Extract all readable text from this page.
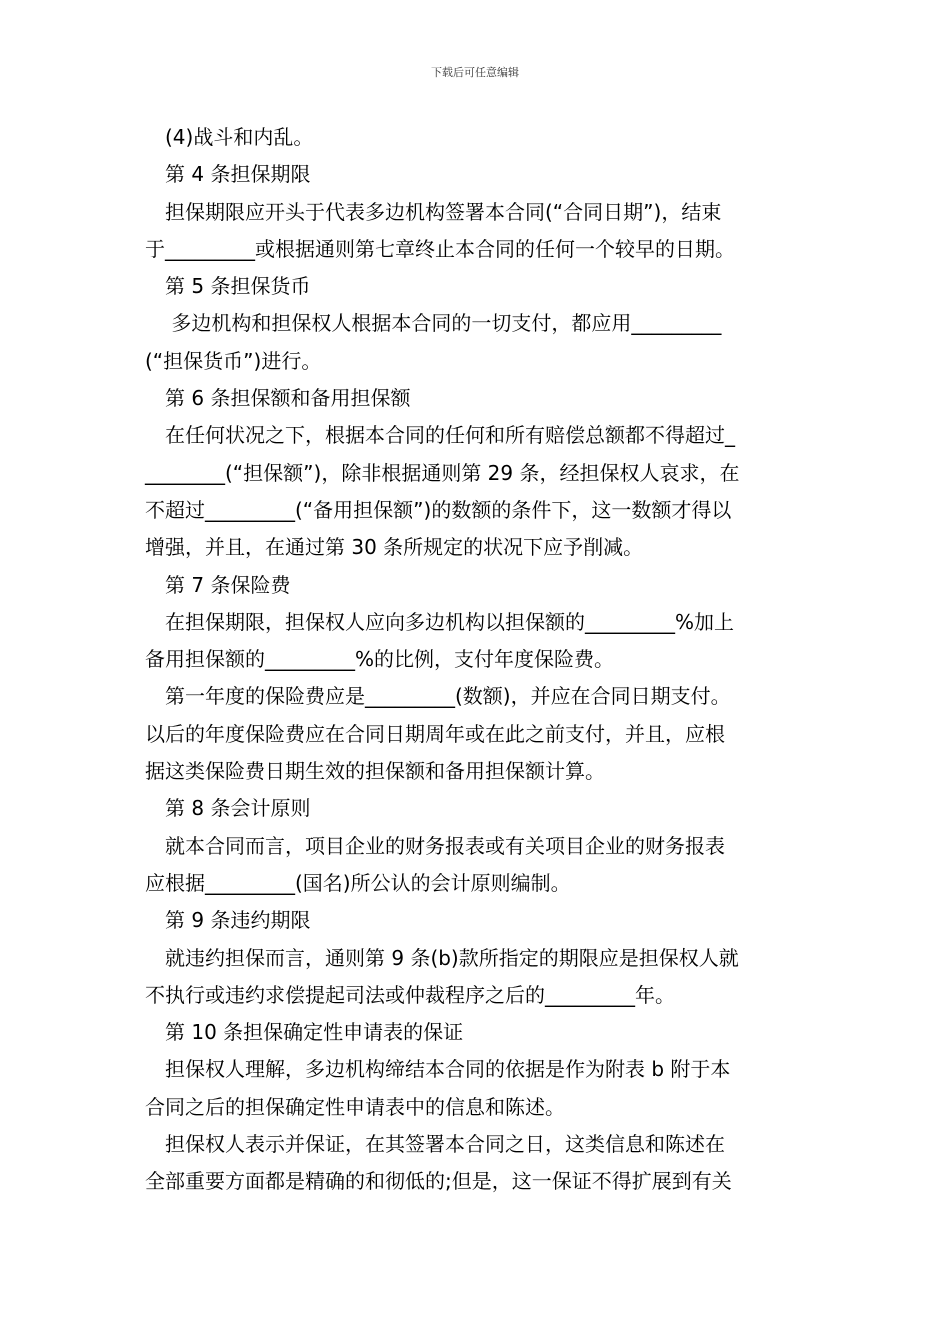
下载后可任意编辑

(4)战斗和内乱。

第 4 条担保期限

担保期限应开头于代表多边机构签署本合同(“合同日期”)，结束

于_________或根据通则第七章终止本合同的任何一个较早的日期。

第 5 条担保货币

多边机构和担保权人根据本合同的一切支付，都应用_________

(“担保货币”)进行。

第 6 条担保额和备用担保额

在任何状况之下，根据本合同的任何和所有赔偿总额都不得超过_

________(“担保额”)，除非根据通则第 29 条，经担保权人哀求，在

不超过_________(“备用担保额”)的数额的条件下，这一数额才得以

增强，并且，在通过第 30 条所规定的状况下应予削减。

第 7 条保险费

在担保期限，担保权人应向多边机构以担保额的_________%加上

备用担保额的_________%的比例，支付年度保险费。

第一年度的保险费应是_________(数额)，并应在合同日期支付。

以后的年度保险费应在合同日期周年或在此之前支付，并且，应根

据这类保险费日期生效的担保额和备用担保额计算。

第 8 条会计原则

就本合同而言，项目企业的财务报表或有关项目企业的财务报表

应根据_________(国名)所公认的会计原则编制。

第 9 条违约期限

就违约担保而言，通则第 9 条(b)款所指定的期限应是担保权人就

不执行或违约求偿提起司法或仲裁程序之后的_________年。

第 10 条担保确定性申请表的保证

担保权人理解，多边机构缔结本合同的依据是作为附表 b 附于本

合同之后的担保确定性申请表中的信息和陈述。

担保权人表示并保证，在其签署本合同之日，这类信息和陈述在

全部重要方面都是精确的和彻低的;但是，这一保证不得扩展到有关
